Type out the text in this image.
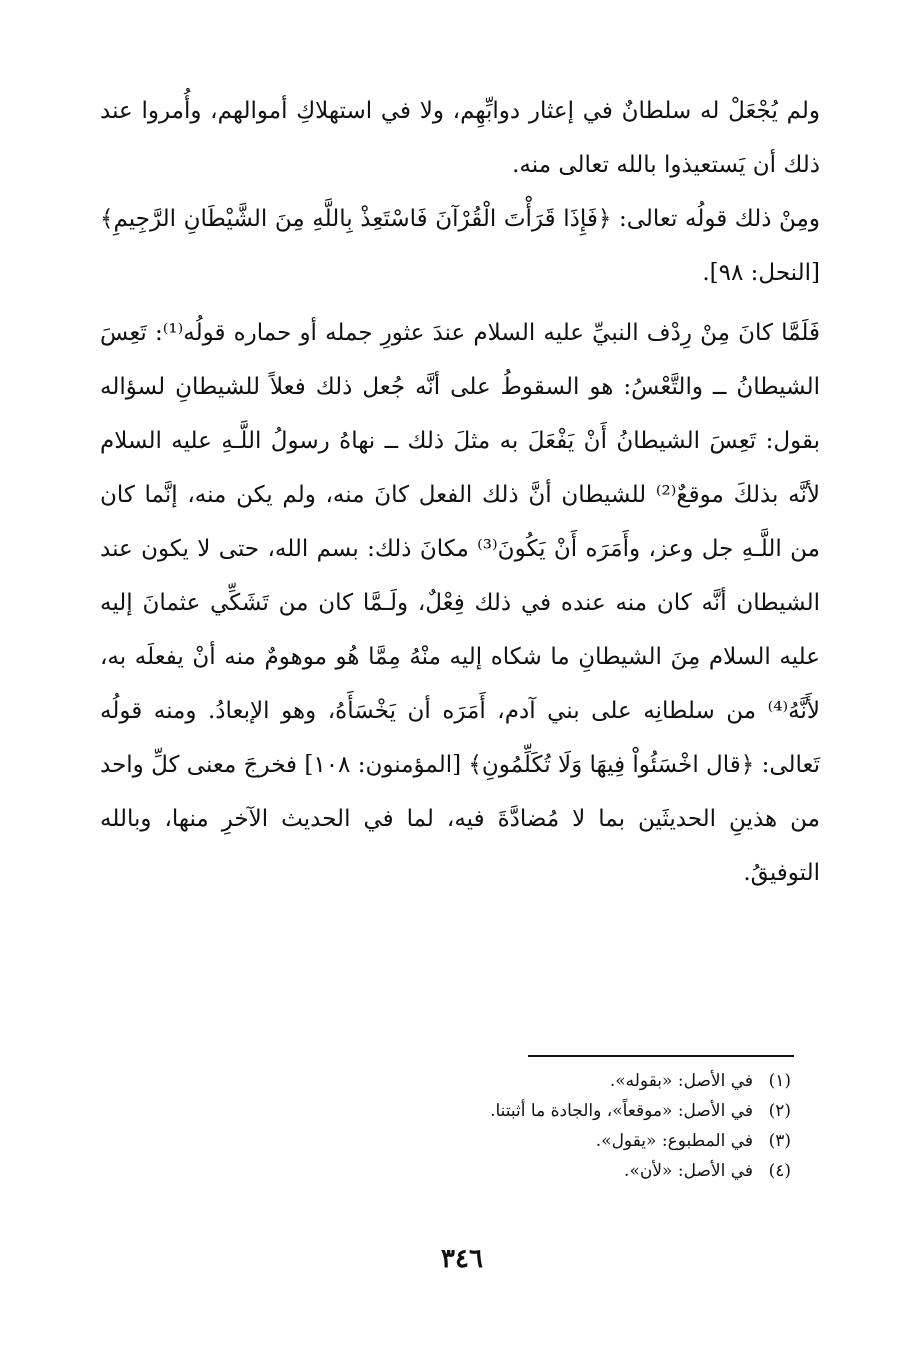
ولم يُجْعَلْ له سلطانٌ في إعثار دوابِّهِم، ولا في استهلاكِ أموالهم، وأُمروا عند ذلك أن يَستعيذوا بالله تعالى منه.

ومِنْ ذلك قولُه تعالى: ﴿فَإِذَا قَرَأْتَ الْقُرْآنَ فَاسْتَعِذْ بِاللَّهِ مِنَ الشَّيْطَانِ الرَّجِيمِ﴾ [النحل: ٩٨].

فَلَمَّا كانَ مِنْ رِدْف النبيِّ عليه السلام عندَ عثورِ جمله أو حماره قولُه⁽¹⁾: تَعِسَ الشيطانُ ــ والتَّعْسُ: هو السقوطُ على أنَّه جُعل ذلك فعلاً للشيطانِ لسؤاله بقول: تَعِسَ الشيطانُ أَنْ يَفْعَلَ به مثلَ ذلك ــ نهاهُ رسولُ اللَّـهِ عليه السلام لأنَّه بذلكَ موقعٌ⁽²⁾ للشيطان أنَّ ذلك الفعل كانَ منه، ولم يكن منه، إنَّما كان من اللَّـهِ جل وعز، وأَمَرَه أَنْ يَكُونَ⁽³⁾ مكانَ ذلك: بسم الله، حتى لا يكون عند الشيطان أنَّه كان منه عنده في ذلك فِعْلٌ، ولَـمَّا كان من تَشَكِّي عثمانَ إليه عليه السلام مِنَ الشيطانِ ما شكاه إليه منْهُ مِمَّا هُو موهومٌ منه أنْ يفعلَه به، لأَنَّهُ⁽⁴⁾ من سلطانِه على بني آدم، أَمَرَه أن يَخْسَأَهُ، وهو الإبعادُ. ومنه قولُه تَعالى: ﴿قال اخْسَئُواْ فِيهَا وَلَا تُكَلِّمُونِ﴾ [المؤمنون: ١٠٨] فخرجَ معنى كلِّ واحد من هذينِ الحديثَين بما لا مُضادَّةَ فيه، لما في الحديث الآخرِ منها، وبالله التوفيقُ.

(١)في الأصل: «بقوله».
(٢)في الأصل: «موقعاً»، والجادة ما أثبتنا.
(٣)في المطبوع: «يقول».
(٤)في الأصل: «لأن».
٣٤٦
